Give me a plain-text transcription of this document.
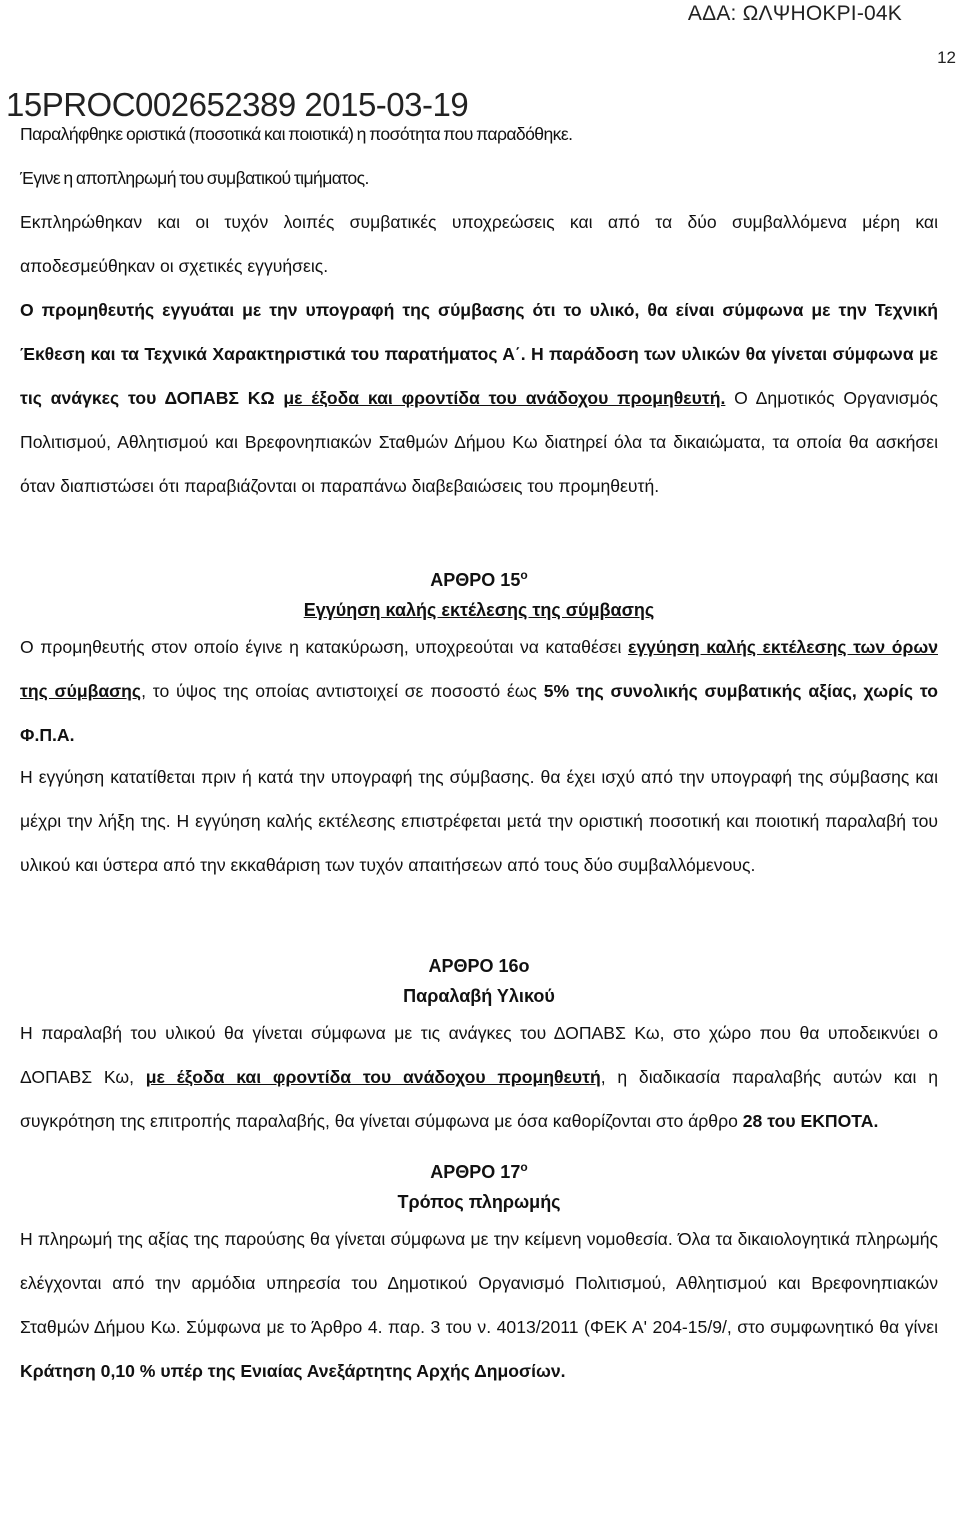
ΑΔΑ: ΩΛΨΗΟΚΡΙ-04Κ
12
15PROC002652389 2015-03-19

Παραλήφθηκε οριστικά (ποσοτικά και ποιοτικά) η ποσότητα που παραδόθηκε.

Έγινε η αποπληρωμή του συμβατικού τιμήματος.

Εκπληρώθηκαν και οι τυχόν λοιπές συμβατικές υποχρεώσεις και από τα δύο συμβαλλόμενα μέρη και αποδεσμεύθηκαν οι σχετικές εγγυήσεις.

Ο προμηθευτής εγγυάται με την υπογραφή της σύμβασης ότι το υλικό, θα είναι σύμφωνα με την Τεχνική Έκθεση και τα Τεχνικά Χαρακτηριστικά του παρατήματος Α΄. Η παράδοση των υλικών θα γίνεται σύμφωνα με τις ανάγκες του ΔΟΠΑΒΣ ΚΩ με έξοδα και φροντίδα του ανάδοχου προμηθευτή. Ο Δημοτικός Οργανισμός Πολιτισμού, Αθλητισμού και Βρεφονηπιακών Σταθμών Δήμου Κω διατηρεί όλα τα δικαιώματα, τα οποία θα ασκήσει όταν διαπιστώσει ότι παραβιάζονται οι παραπάνω διαβεβαιώσεις του προμηθευτή.

ΑΡΘΡΟ $15^o$

Εγγύηση καλής εκτέλεσης της σύμβασης

Ο προμηθευτής στον οποίο έγινε η κατακύρωση, υποχρεούται να καταθέσει εγγύηση καλής εκτέλεσης των όρων της σύμβασης, το ύψος της οποίας αντιστοιχεί σε ποσοστό έως 5% της συνολικής συμβατικής αξίας, χωρίς το Φ.Π.Α.

Η εγγύηση κατατίθεται πριν ή κατά την υπογραφή της σύμβασης. θα έχει ισχύ από την υπογραφή της σύμβασης και μέχρι την λήξη της. Η εγγύηση καλής εκτέλεσης επιστρέφεται μετά την οριστική ποσοτική και ποιοτική παραλαβή του υλικού και ύστερα από την εκκαθάριση των τυχόν απαιτήσεων από τους δύο συμβαλλόμενους.

ΑΡΘΡΟ 16ο

Παραλαβή Υλικού

Η παραλαβή του υλικού θα γίνεται σύμφωνα με τις ανάγκες του ΔΟΠΑΒΣ Κω, στο χώρο που θα υποδεικνύει ο ΔΟΠΑΒΣ Κω, με έξοδα και φροντίδα του ανάδοχου προμηθευτή, η διαδικασία παραλαβής αυτών και η συγκρότηση της επιτροπής παραλαβής, θα γίνεται σύμφωνα με όσα καθορίζονται στο άρθρο 28 του ΕΚΠΟΤΑ.

ΑΡΘΡΟ $17^o$

Τρόπος πληρωμής

Η πληρωμή της αξίας της παρούσης θα γίνεται σύμφωνα με την κείμενη νομοθεσία. Όλα τα δικαιολογητικά πληρωμής ελέγχονται από την αρμόδια υπηρεσία του Δημοτικού Οργανισμό Πολιτισμού, Αθλητισμού και Βρεφονηπιακών Σταθμών Δήμου Κω. Σύμφωνα με το Άρθρο 4. παρ. 3 του ν. 4013/2011 (ΦΕΚ Α' 204-15/9/, στο συμφωνητικό θα γίνει Κράτηση 0,10 % υπέρ της Ενιαίας Ανεξάρτητης Αρχής Δημοσίων.
